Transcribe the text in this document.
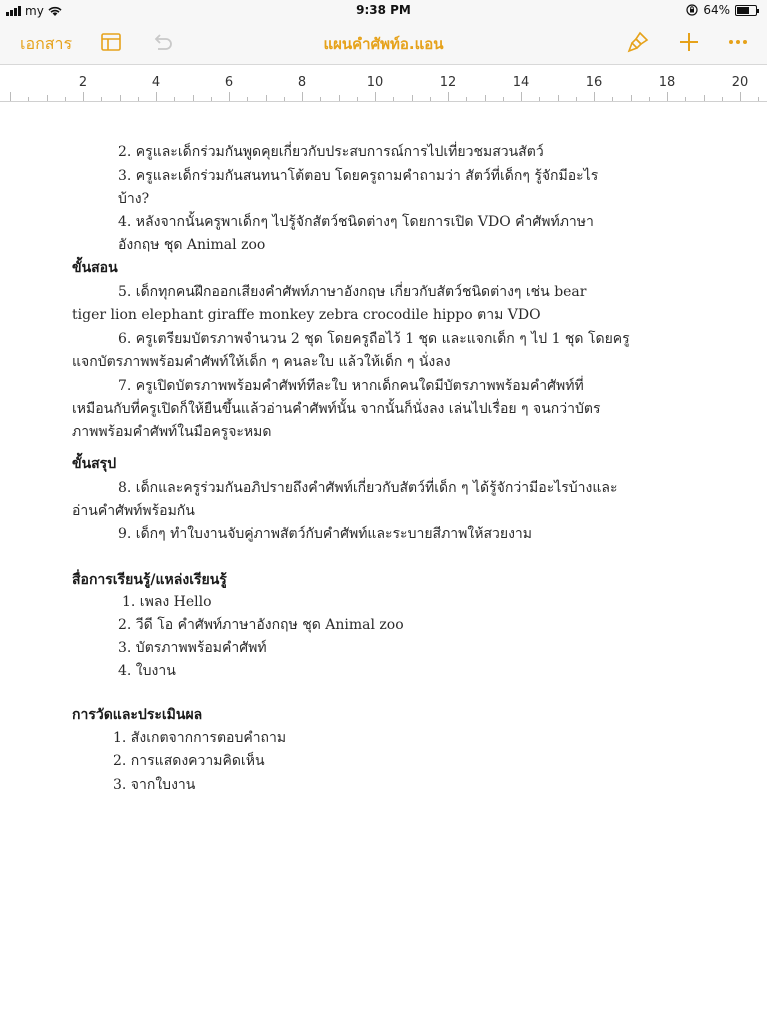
my	9:38 PM	64%
เอกสาร	แผนคำศัพท์อ.แอน
2	4	6	8	10	12	14	16	18	20
2. ครูและเด็กร่วมกันพูดคุยเกี่ยวกับประสบการณ์การไปเที่ยวชมสวนสัตว์
3. ครูและเด็กร่วมกันสนทนาโต้ตอบ โดยครูถามคำถามว่า สัตว์ที่เด็กๆ รู้จักมีอะไร
บ้าง?
4. หลังจากนั้นครูพาเด็กๆ ไปรู้จักสัตว์ชนิดต่างๆ โดยการเปิด VDO คำศัพท์ภาษา
อังกฤษ ชุด Animal zoo
ขั้นสอน
5. เด็กทุกคนฝึกออกเสียงคำศัพท์ภาษาอังกฤษ เกี่ยวกับสัตว์ชนิดต่างๆ เช่น bear
tiger lion elephant giraffe monkey zebra crocodile hippo ตาม VDO
6. ครูเตรียมบัตรภาพจำนวน 2 ชุด โดยครูถือไว้ 1 ชุด และแจกเด็ก ๆ ไป 1 ชุด โดยครู
แจกบัตรภาพพร้อมคำศัพท์ให้เด็ก ๆ คนละใบ แล้วให้เด็ก ๆ นั่งลง
7. ครูเปิดบัตรภาพพร้อมคำศัพท์ทีละใบ หากเด็กคนใดมีบัตรภาพพร้อมคำศัพท์ที่
เหมือนกับที่ครูเปิดก็ให้ยืนขึ้นแล้วอ่านคำศัพท์นั้น จากนั้นก็นั่งลง เล่นไปเรื่อย ๆ จนกว่าบัตร
ภาพพร้อมคำศัพท์ในมือครูจะหมด
ขั้นสรุป
8. เด็กและครูร่วมกันอภิปรายถึงคำศัพท์เกี่ยวกับสัตว์ที่เด็ก ๆ ได้รู้จักว่ามีอะไรบ้างและ
อ่านคำศัพท์พร้อมกัน
9. เด็กๆ ทำใบงานจับคู่ภาพสัตว์กับคำศัพท์และระบายสีภาพให้สวยงาม
สื่อการเรียนรู้/แหล่งเรียนรู้
1. เพลง Hello
2. วีดี โอ คำศัพท์ภาษาอังกฤษ ชุด Animal zoo
3. บัตรภาพพร้อมคำศัพท์
4. ใบงาน
การวัดและประเมินผล
1. สังเกตจากการตอบคำถาม
2. การแสดงความคิดเห็น
3. จากใบงาน
